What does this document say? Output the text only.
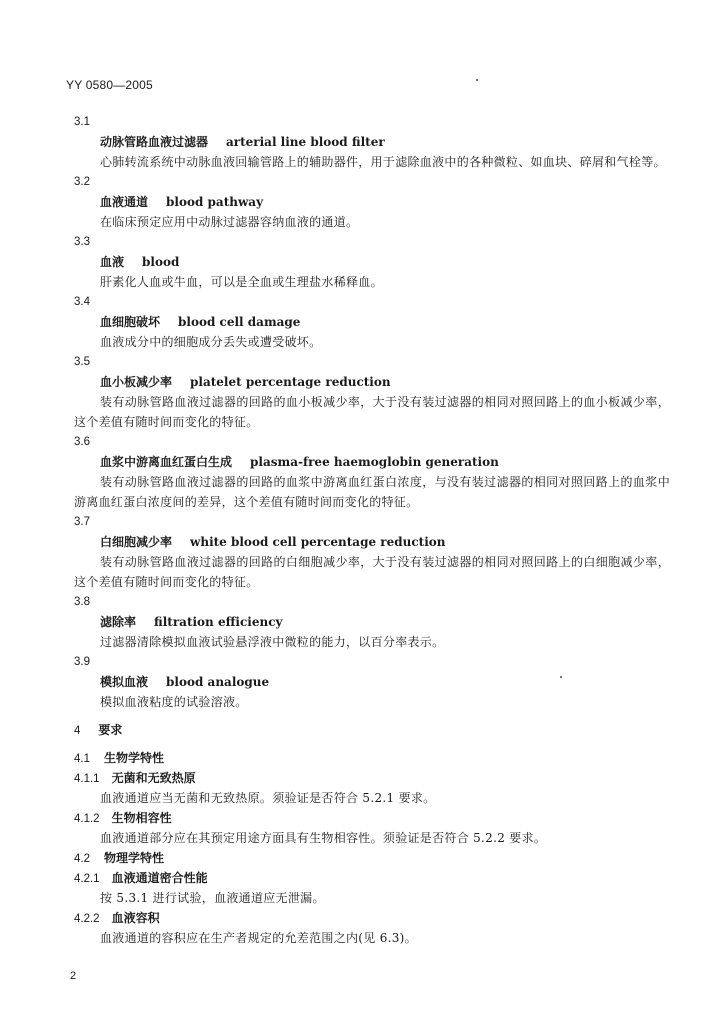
YY 0580—2005
3.1
动脉管路血液过滤器 arterial line blood filter
心肺转流系统中动脉血液回输管路上的辅助器件，用于滤除血液中的各种微粒、如血块、碎屑和气栓等。
3.2
血液通道 blood pathway
在临床预定应用中动脉过滤器容纳血液的通道。
3.3
血液 blood
肝素化人血或牛血，可以是全血或生理盐水稀释血。
3.4
血细胞破坏 blood cell damage
血液成分中的细胞成分丢失或遭受破坏。
3.5
血小板减少率 platelet percentage reduction
装有动脉管路血液过滤器的回路的血小板减少率，大于没有装过滤器的相同对照回路上的血小板减少率，这个差值有随时间而变化的特征。
3.6
血浆中游离血红蛋白生成 plasma-free haemoglobin generation
装有动脉管路血液过滤器的回路的血浆中游离血红蛋白浓度，与没有装过滤器的相同对照回路上的血浆中游离血红蛋白浓度间的差异，这个差值有随时间而变化的特征。
3.7
白细胞减少率 white blood cell percentage reduction
装有动脉管路血液过滤器的回路的白细胞减少率，大于没有装过滤器的相同对照回路上的白细胞减少率，这个差值有随时间而变化的特征。
3.8
滤除率 filtration efficiency
过滤器清除模拟血液试验悬浮液中微粒的能力，以百分率表示。
3.9
模拟血液 blood analogue
模拟血液粘度的试验溶液。
4 要求
4.1 生物学特性
4.1.1 无菌和无致热原
血液通道应当无菌和无致热原。须验证是否符合 5.2.1 要求。
4.1.2 生物相容性
血液通道部分应在其预定用途方面具有生物相容性。须验证是否符合 5.2.2 要求。
4.2 物理学特性
4.2.1 血液通道密合性能
按 5.3.1 进行试验，血液通道应无泄漏。
4.2.2 血液容积
血液通道的容积应在生产者规定的允差范围之内(见 6.3)。
2
